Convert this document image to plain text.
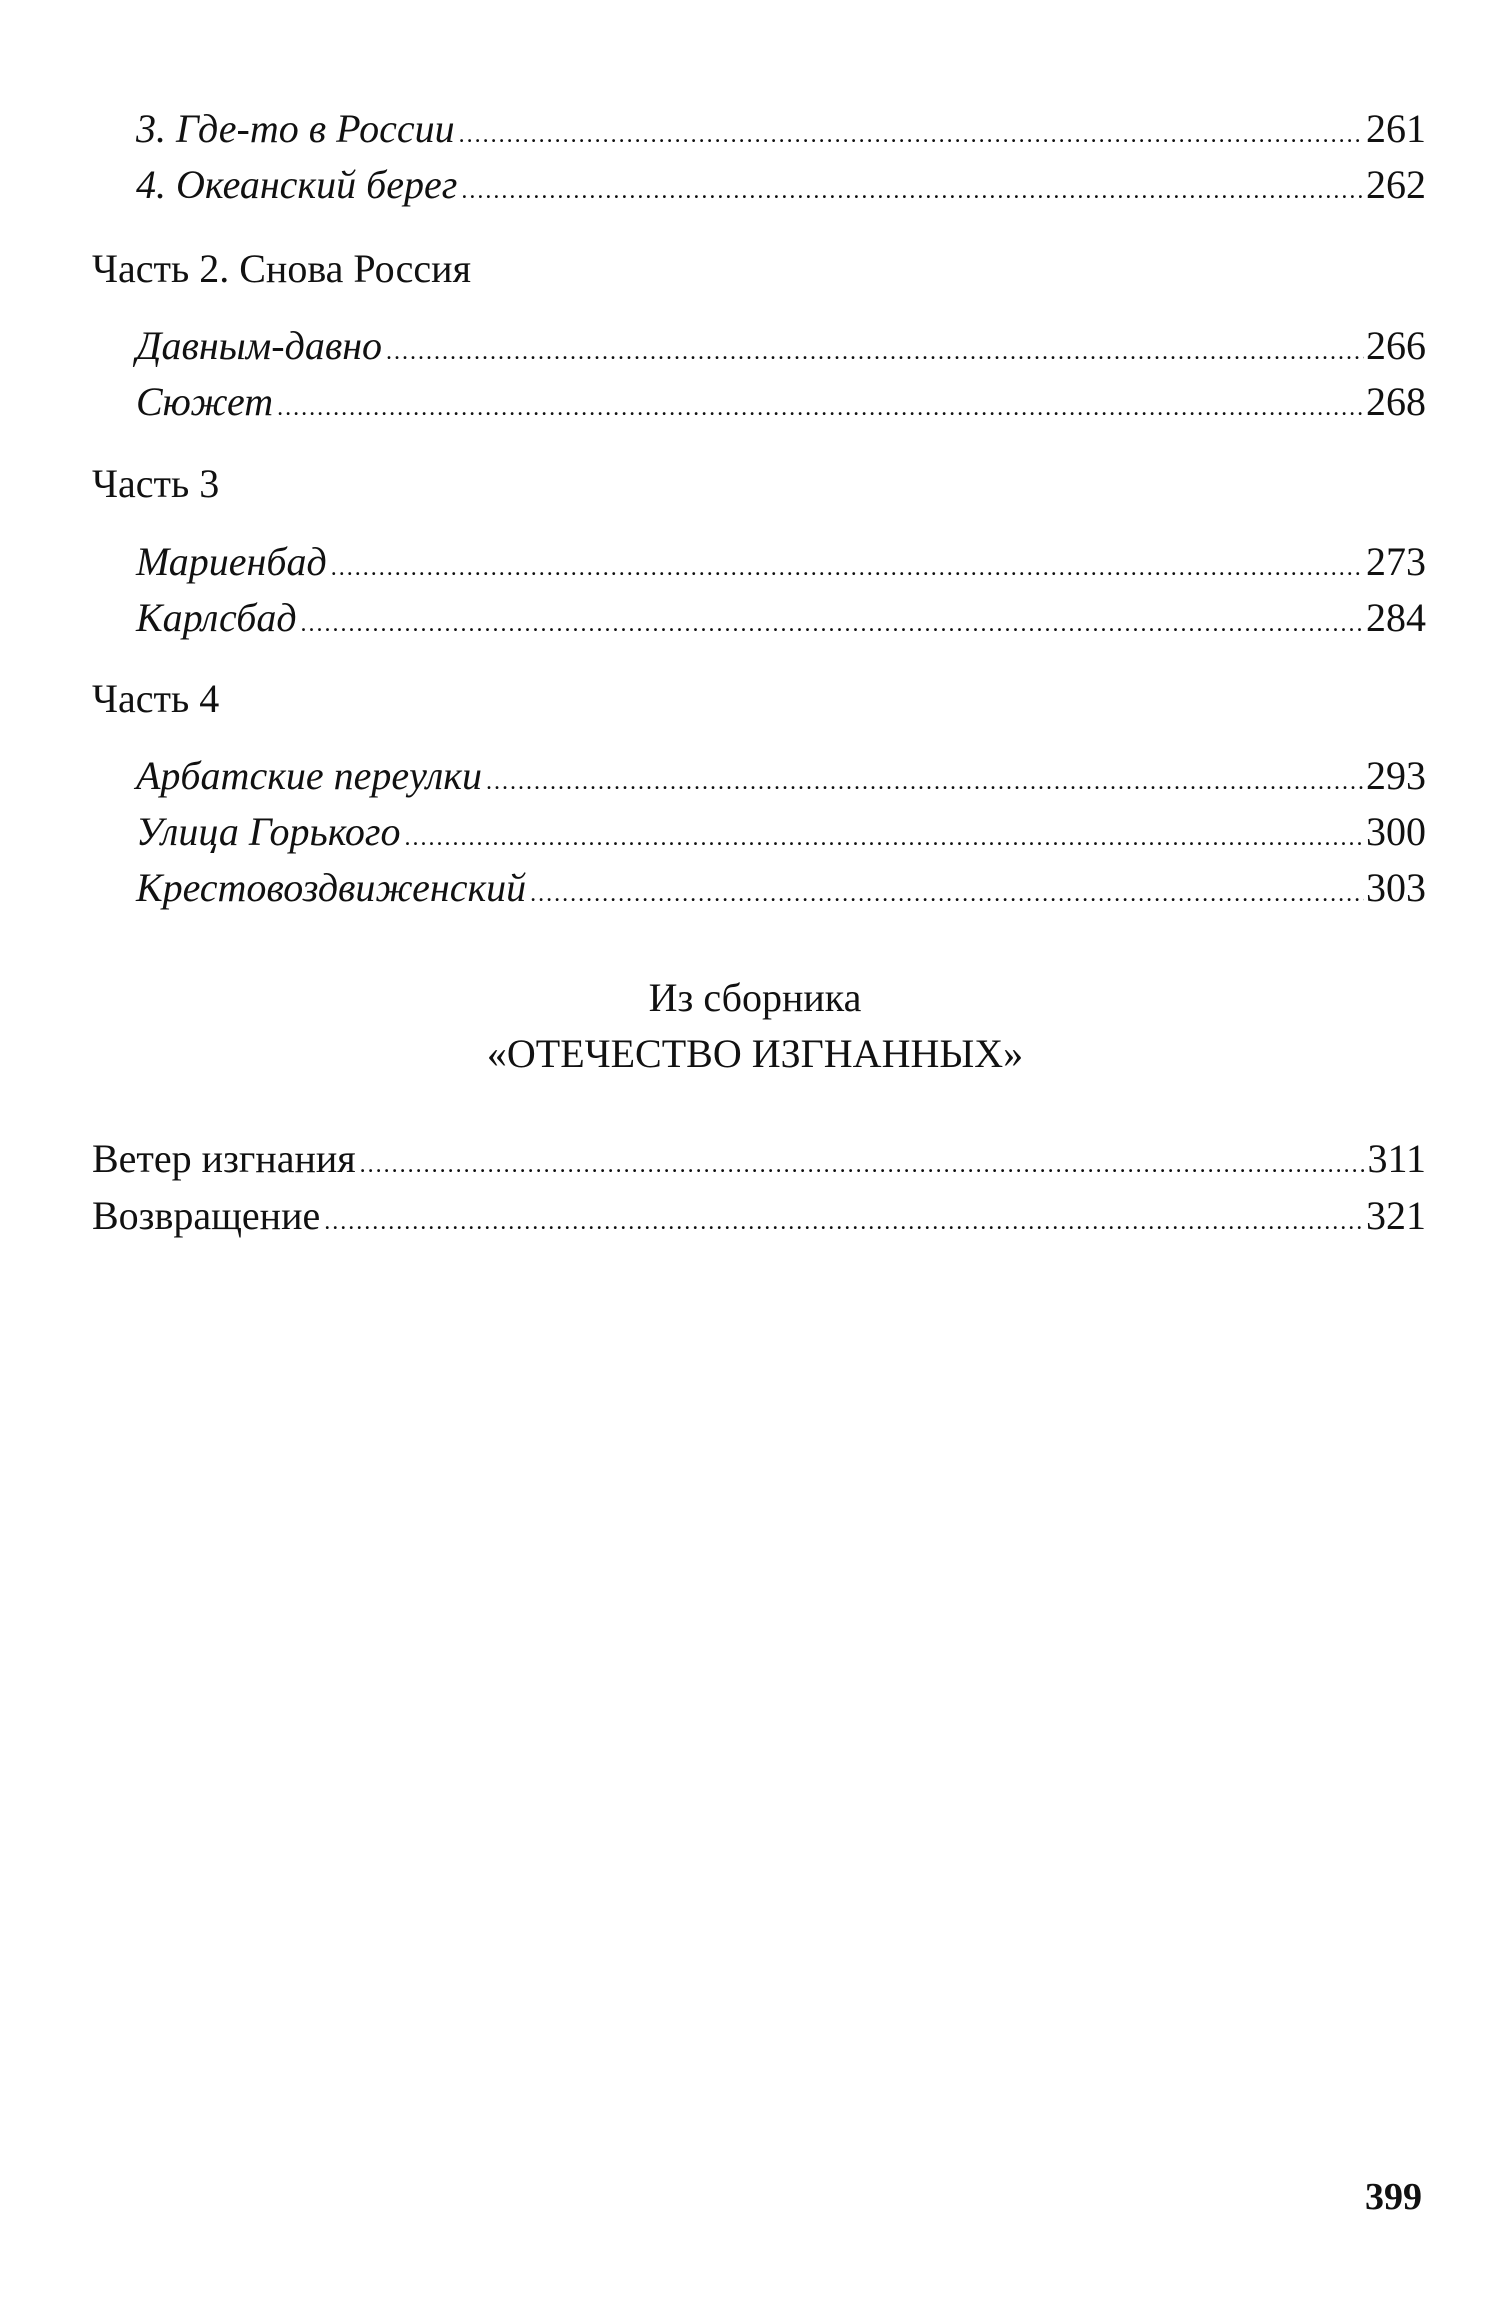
3. Где-то в России .....	261
4. Океанский берег .....	262
Часть 2. Снова Россия
Давным-давно .....	266
Сюжет .....	268
Часть 3
Мариенбад .....	273
Карлсбад .....	284
Часть 4
Арбатские переулки .....	293
Улица Горького .....	300
Крестовоздвиженский .....	303
Из сборника
«ОТЕЧЕСТВО ИЗГНАННЫХ»
Ветер изгнания .....	311
Возвращение .....	321
399
